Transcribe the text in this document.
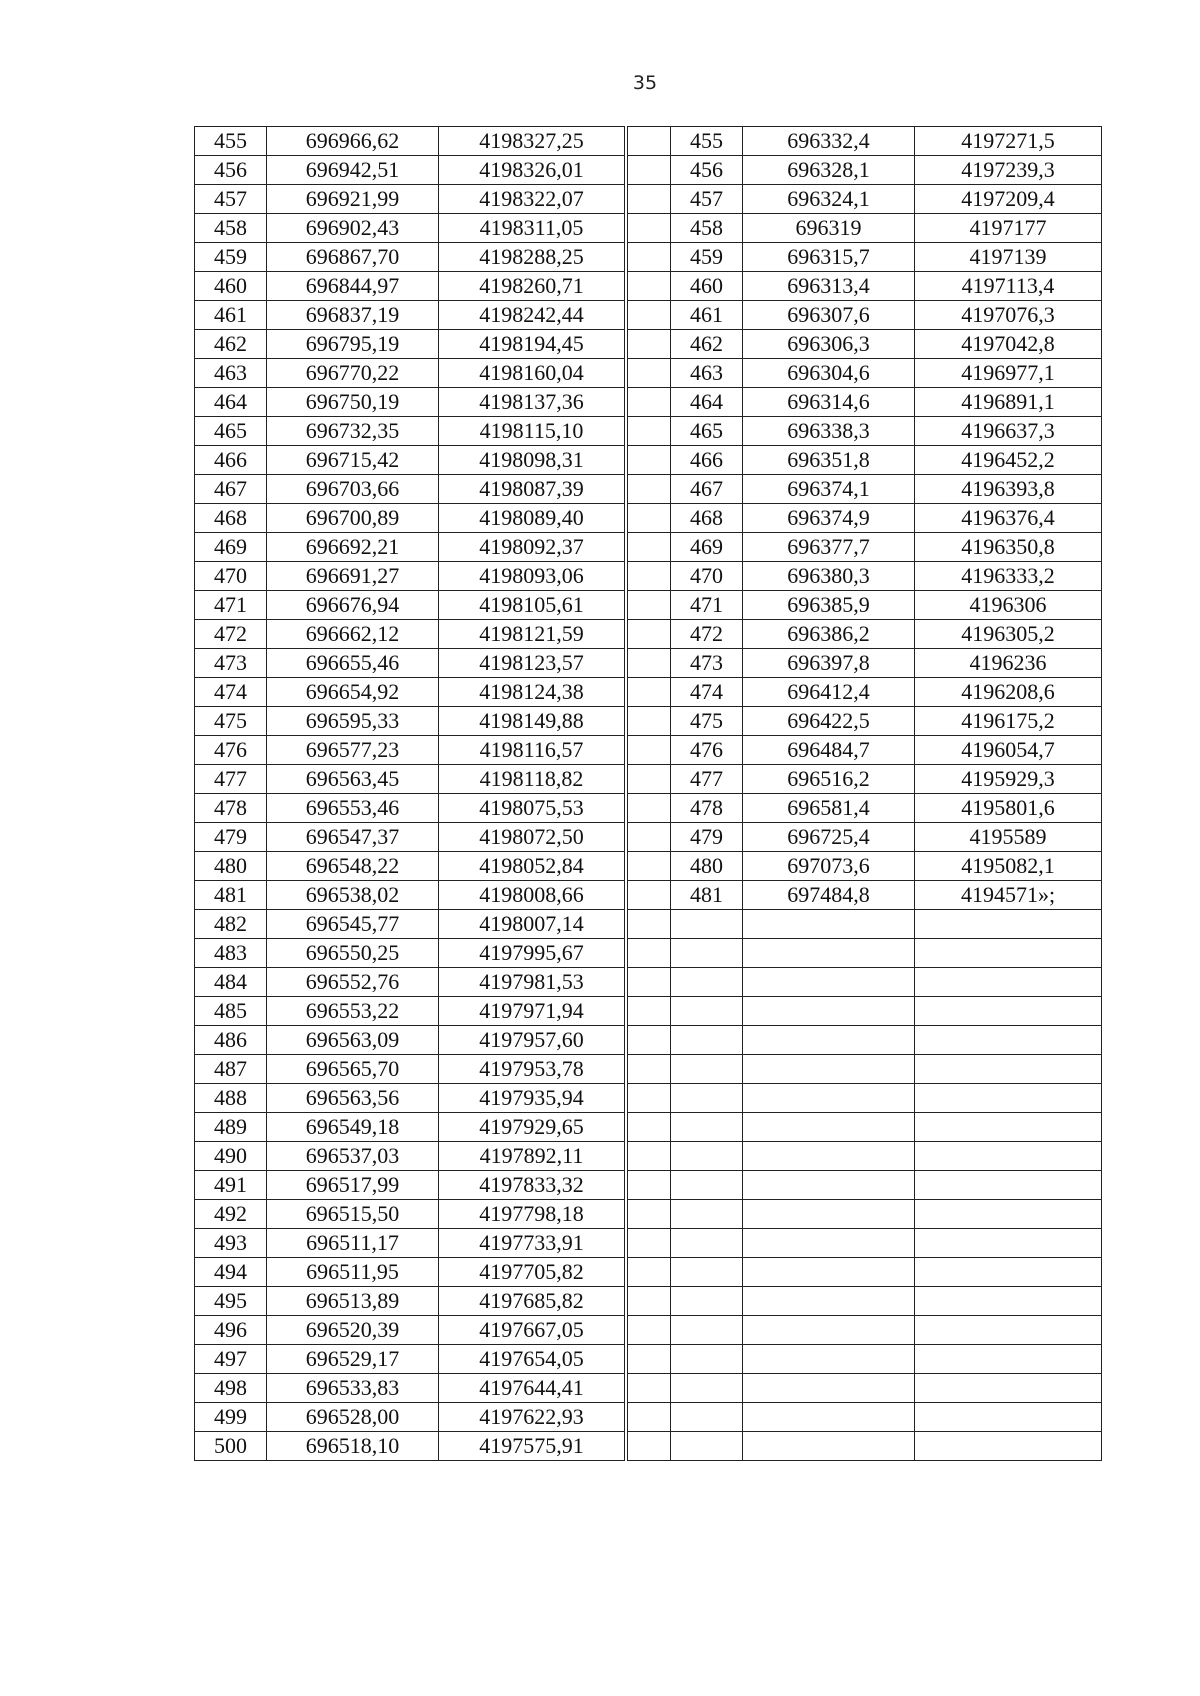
35
455	696966,62	4198327,25
456	696942,51	4198326,01
457	696921,99	4198322,07
458	696902,43	4198311,05
459	696867,70	4198288,25
460	696844,97	4198260,71
461	696837,19	4198242,44
462	696795,19	4198194,45
463	696770,22	4198160,04
464	696750,19	4198137,36
465	696732,35	4198115,10
466	696715,42	4198098,31
467	696703,66	4198087,39
468	696700,89	4198089,40
469	696692,21	4198092,37
470	696691,27	4198093,06
471	696676,94	4198105,61
472	696662,12	4198121,59
473	696655,46	4198123,57
474	696654,92	4198124,38
475	696595,33	4198149,88
476	696577,23	4198116,57
477	696563,45	4198118,82
478	696553,46	4198075,53
479	696547,37	4198072,50
480	696548,22	4198052,84
481	696538,02	4198008,66
482	696545,77	4198007,14
483	696550,25	4197995,67
484	696552,76	4197981,53
485	696553,22	4197971,94
486	696563,09	4197957,60
487	696565,70	4197953,78
488	696563,56	4197935,94
489	696549,18	4197929,65
490	696537,03	4197892,11
491	696517,99	4197833,32
492	696515,50	4197798,18
493	696511,17	4197733,91
494	696511,95	4197705,82
495	696513,89	4197685,82
496	696520,39	4197667,05
497	696529,17	4197654,05
498	696533,83	4197644,41
499	696528,00	4197622,93
500	696518,10	4197575,91

455	696332,4	4197271,5
456	696328,1	4197239,3
457	696324,1	4197209,4
458	696319	4197177
459	696315,7	4197139
460	696313,4	4197113,4
461	696307,6	4197076,3
462	696306,3	4197042,8
463	696304,6	4196977,1
464	696314,6	4196891,1
465	696338,3	4196637,3
466	696351,8	4196452,2
467	696374,1	4196393,8
468	696374,9	4196376,4
469	696377,7	4196350,8
470	696380,3	4196333,2
471	696385,9	4196306
472	696386,2	4196305,2
473	696397,8	4196236
474	696412,4	4196208,6
475	696422,5	4196175,2
476	696484,7	4196054,7
477	696516,2	4195929,3
478	696581,4	4195801,6
479	696725,4	4195589
480	697073,6	4195082,1
481	697484,8	4194571»;
